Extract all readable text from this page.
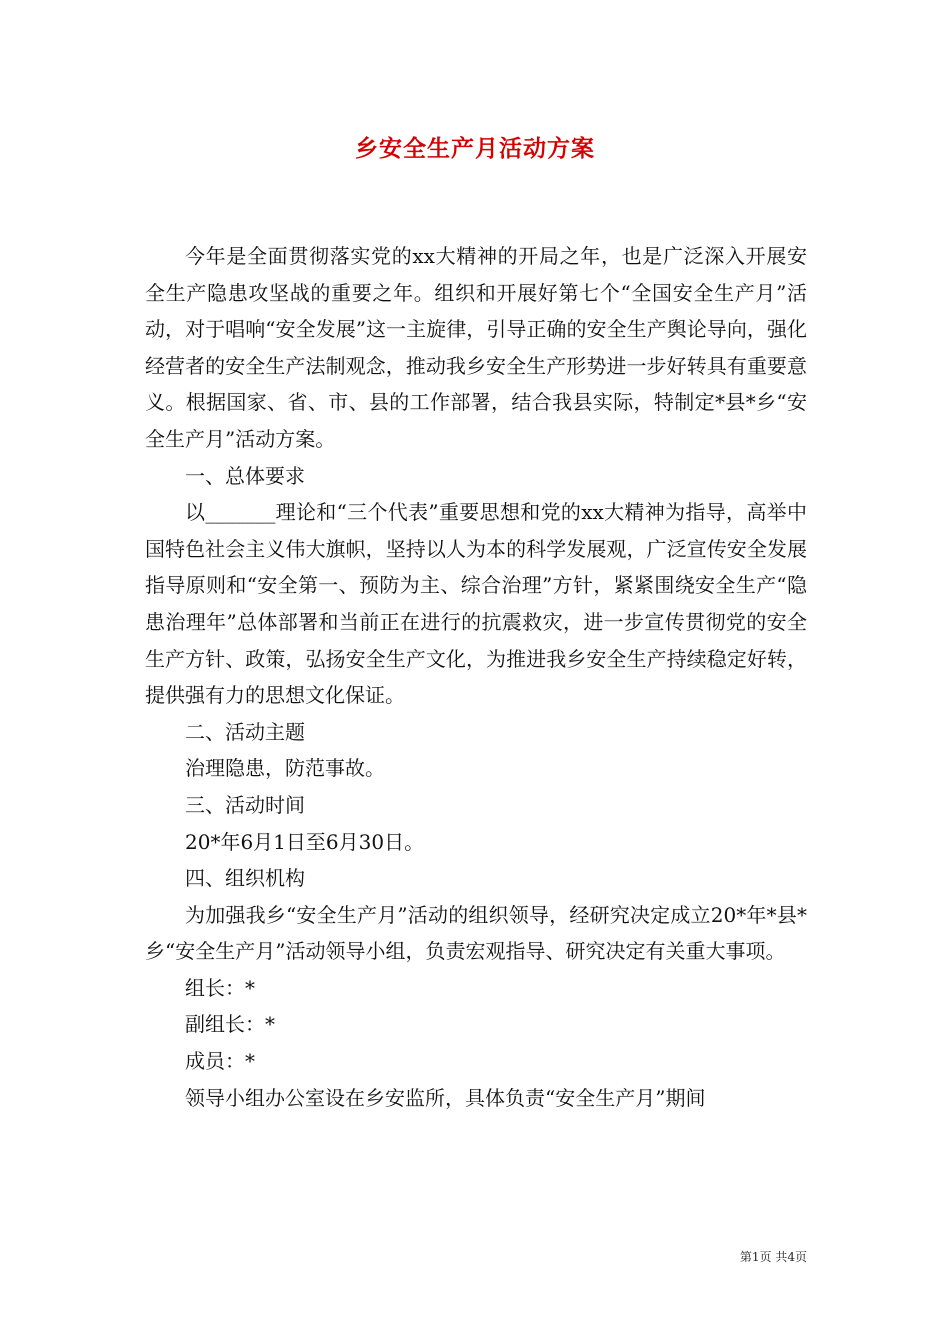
乡安全生产月活动方案

今年是全面贯彻落实党的xx大精神的开局之年，也是广泛深入开展安全生产隐患攻坚战的重要之年。组织和开展好第七个“全国安全生产月”活动，对于唱响“安全发展”这一主旋律，引导正确的安全生产舆论导向，强化经营者的安全生产法制观念，推动我乡安全生产形势进一步好转具有重要意义。根据国家、省、市、县的工作部署，结合我县实际，特制定*县*乡“安全生产月”活动方案。

一、总体要求

以_______理论和“三个代表”重要思想和党的xx大精神为指导，高举中国特色社会主义伟大旗帜，坚持以人为本的科学发展观，广泛宣传安全发展指导原则和“安全第一、预防为主、综合治理”方针，紧紧围绕安全生产“隐患治理年”总体部署和当前正在进行的抗震救灾，进一步宣传贯彻党的安全生产方针、政策，弘扬安全生产文化，为推进我乡安全生产持续稳定好转，提供强有力的思想文化保证。

二、活动主题

治理隐患，防范事故。

三、活动时间

20*年6月1日至6月30日。

四、组织机构

为加强我乡“安全生产月”活动的组织领导，经研究决定成立20*年*县*乡“安全生产月”活动领导小组，负责宏观指导、研究决定有关重大事项。

组长：*

副组长：*

成员：*

领导小组办公室设在乡安监所，具体负责“安全生产月”期间

第1页 共4页
